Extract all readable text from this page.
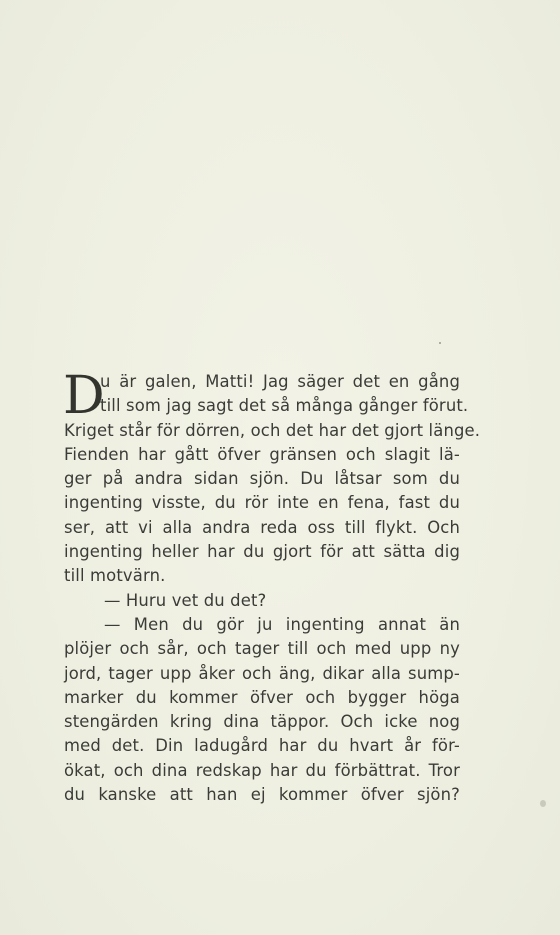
D
u är galen, Matti! Jag säger det en gång
till som jag sagt det så många gånger förut.
Kriget står för dörren, och det har det gjort länge.
Fienden har gått öfver gränsen och slagit lä-
ger på andra sidan sjön. Du låtsar som du
ingenting visste, du rör inte en fena, fast du
ser, att vi alla andra reda oss till flykt. Och
ingenting heller har du gjort för att sätta dig
till motvärn.
— Huru vet du det?
— Men du gör ju ingenting annat än
plöjer och sår, och tager till och med upp ny
jord, tager upp åker och äng, dikar alla sump-
marker du kommer öfver och bygger höga
stengärden kring dina täppor. Och icke nog
med det. Din ladugård har du hvart år för-
ökat, och dina redskap har du förbättrat. Tror
du kanske att han ej kommer öfver sjön?
